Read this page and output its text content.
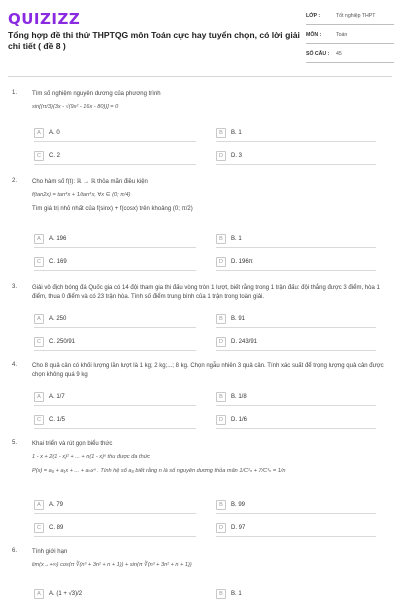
QUIZIZZ
Tổng hợp đề thi thử THPTQG môn Toán cực hay tuyển chọn, có lời giải chi tiết ( đề 8 )
LỚP :	Tốt nghiệp THPT
MÔN :	Toán
SỐ CÂU :	45
1. Tìm số nghiệm nguyên dương của phương trình
sin[(π/3)(3x - √(9x² - 16x - 80))] = 0
A	A. 0	B	B. 1
C	C. 2	D	D. 3
2. Cho hàm số f(t): ℝ → ℝ thỏa mãn điều kiện
f(tan2x) = tan⁴x + 1/tan⁴x, ∀x ∈ (0; π/4)
Tìm giá trị nhỏ nhất của f(sinx) + f(cosx) trên khoảng (0; π/2)
A	A. 196	B	B. 1
C	C. 169	D	D. 196π
3. Giải vô địch bóng đá Quốc gia có 14 đội tham gia thi đấu vòng tròn 1 lượt, biết rằng trong 1 trận đấu: đội thắng được 3 điểm, hòa 1 điểm, thua 0 điểm và có 23 trận hòa. Tính số điểm trung bình của 1 trận trong toàn giải.
A	A. 250	B	B. 91
C	C. 250/91	D	D. 243/91
4. Cho 8 quả cân có khối lượng lần lượt là 1 kg; 2 kg;...; 8 kg. Chọn ngẫu nhiên 3 quả cân. Tính xác suất để trọng lượng quả cân được chọn không quá 9 kg
A	A. 1/7	B	B. 1/8
C	C. 1/5	D	D. 1/6
5. Khai triển và rút gọn biểu thức
1 - x + 2(1 - x)² + ... + n(1 - x)ⁿ thu được đa thức
P(x) = a₀ + a₁x + ... + aₙxⁿ . Tính hệ số a₈ biết rằng n là số nguyên dương thỏa mãn 1/C²ₙ + 7/C³ₙ = 1/n
A	A. 79	B	B. 99
C	C. 89	D	D. 97
6. Tính giới hạn
lim(x→+∞) cos(π ∛(n³ + 3n² + n + 1)) + sin(π ∛(n³ + 3n² + n + 1))
A	A. (1 + √3)/2	B	B. 1
